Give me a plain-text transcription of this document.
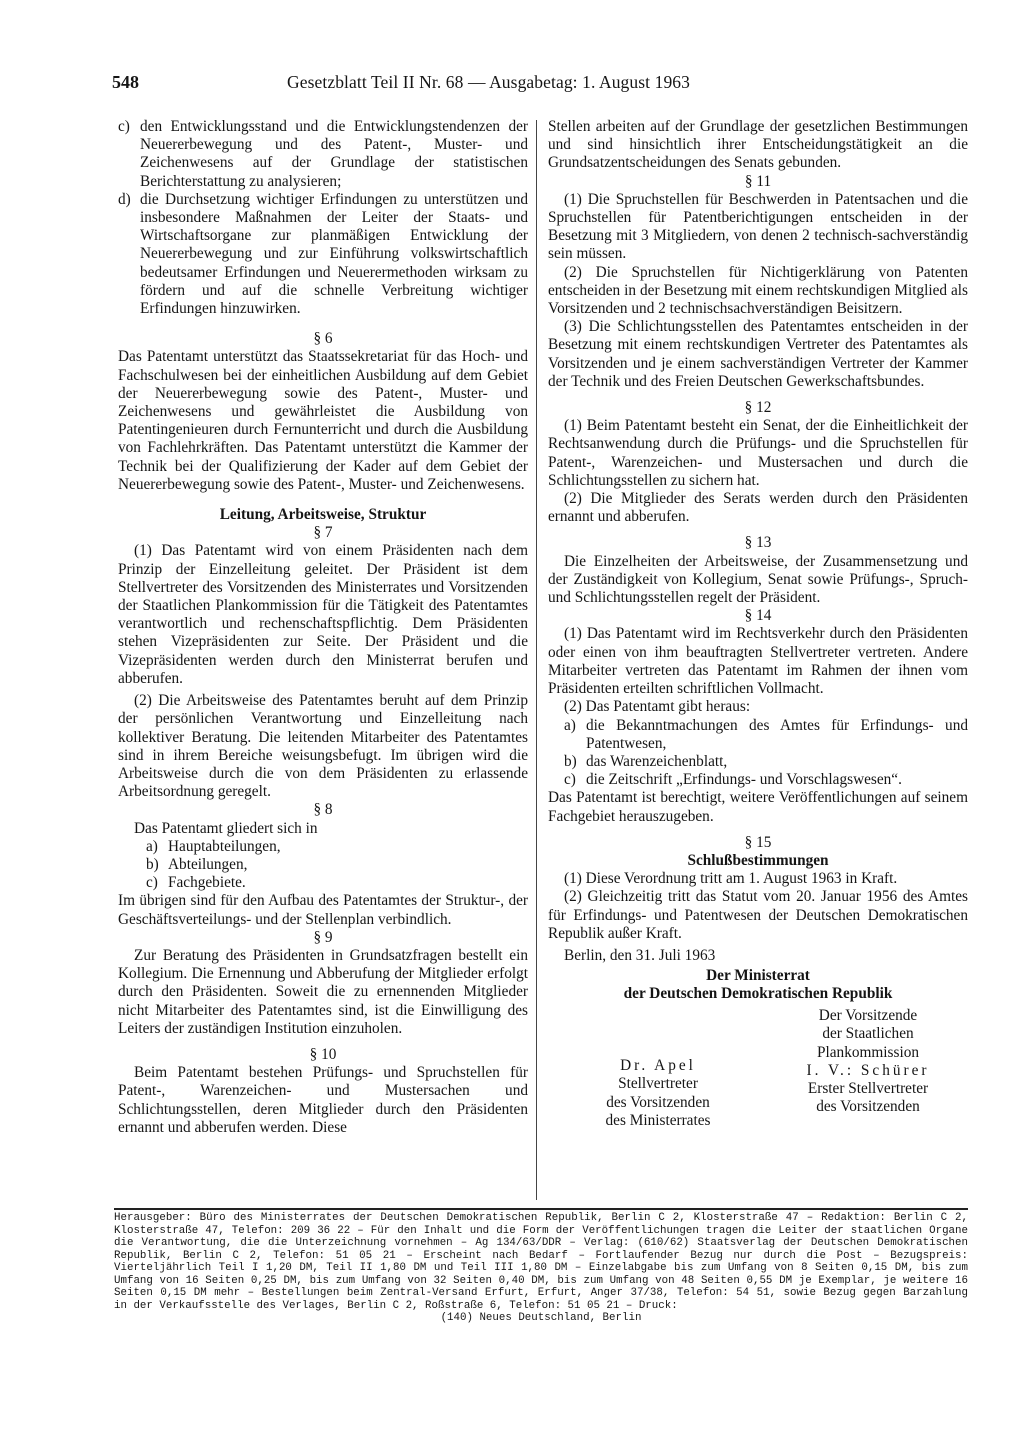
548	Gesetzblatt Teil II Nr. 68 — Ausgabetag: 1. August 1963
c) den Entwicklungsstand und die Entwicklungstendenzen der Neuererbewegung und des Patent-, Muster- und Zeichenwesens auf der Grundlage der statistischen Berichterstattung zu analysieren;
d) die Durchsetzung wichtiger Erfindungen zu unterstützen und insbesondere Maßnahmen der Leiter der Staats- und Wirtschaftsorgane zur planmäßigen Entwicklung der Neuererbewegung und zur Einführung volkswirtschaftlich bedeutsamer Erfindungen und Neuerermethoden wirksam zu fördern und auf die schnelle Verbreitung wichtiger Erfindungen hinzuwirken.

§ 6

Das Patentamt unterstützt das Staatssekretariat für das Hoch- und Fachschulwesen bei der einheitlichen Ausbildung auf dem Gebiet der Neuererbewegung sowie des Patent-, Muster- und Zeichenwesens und gewährleistet die Ausbildung von Patentingenieuren durch Fernunterricht und durch die Ausbildung von Fachlehrkräften. Das Patentamt unterstützt die Kammer der Technik bei der Qualifizierung der Kader auf dem Gebiet der Neuererbewegung sowie des Patent-, Muster- und Zeichenwesens.

Leitung, Arbeitsweise, Struktur

§ 7

(1) Das Patentamt wird von einem Präsidenten nach dem Prinzip der Einzelleitung geleitet. Der Präsident ist dem Stellvertreter des Vorsitzenden des Ministerrates und Vorsitzenden der Staatlichen Plankommission für die Tätigkeit des Patentamtes verantwortlich und rechenschaftspflichtig. Dem Präsidenten stehen Vizepräsidenten zur Seite. Der Präsident und die Vizepräsidenten werden durch den Ministerrat berufen und abberufen.

(2) Die Arbeitsweise des Patentamtes beruht auf dem Prinzip der persönlichen Verantwortung und Einzelleitung nach kollektiver Beratung. Die leitenden Mitarbeiter des Patentamtes sind in ihrem Bereiche weisungsbefugt. Im übrigen wird die Arbeitsweise durch die von dem Präsidenten zu erlassende Arbeitsordnung geregelt.

§ 8

Das Patentamt gliedert sich in

a) Hauptabteilungen,
b) Abteilungen,
c) Fachgebiete.

Im übrigen sind für den Aufbau des Patentamtes der Struktur-, der Geschäftsverteilungs- und der Stellenplan verbindlich.

§ 9

Zur Beratung des Präsidenten in Grundsatzfragen bestellt ein Kollegium. Die Ernennung und Abberufung der Mitglieder erfolgt durch den Präsidenten. Soweit die zu ernennenden Mitglieder nicht Mitarbeiter des Patentamtes sind, ist die Einwilligung des Leiters der zuständigen Institution einzuholen.

§ 10

Beim Patentamt bestehen Prüfungs- und Spruchstellen für Patent-, Warenzeichen- und Mustersachen und Schlichtungsstellen, deren Mitglieder durch den Präsidenten ernannt und abberufen werden. Diese

Stellen arbeiten auf der Grundlage der gesetzlichen Bestimmungen und sind hinsichtlich ihrer Entscheidungstätigkeit an die Grundsatzentscheidungen des Senats gebunden.

§ 11

(1) Die Spruchstellen für Beschwerden in Patentsachen und die Spruchstellen für Patentberichtigungen entscheiden in der Besetzung mit 3 Mitgliedern, von denen 2 technisch-sachverständig sein müssen.

(2) Die Spruchstellen für Nichtigerklärung von Patenten entscheiden in der Besetzung mit einem rechtskundigen Mitglied als Vorsitzenden und 2 technischsachverständigen Beisitzern.

(3) Die Schlichtungsstellen des Patentamtes entscheiden in der Besetzung mit einem rechtskundigen Vertreter des Patentamtes als Vorsitzenden und je einem sachverständigen Vertreter der Kammer der Technik und des Freien Deutschen Gewerkschaftsbundes.

§ 12

(1) Beim Patentamt besteht ein Senat, der die Einheitlichkeit der Rechtsanwendung durch die Prüfungs- und die Spruchstellen für Patent-, Warenzeichen- und Mustersachen und durch die Schlichtungsstellen zu sichern hat.

(2) Die Mitglieder des Serats werden durch den Präsidenten ernannt und abberufen.

§ 13

Die Einzelheiten der Arbeitsweise, der Zusammensetzung und der Zuständigkeit von Kollegium, Senat sowie Prüfungs-, Spruch- und Schlichtungsstellen regelt der Präsident.

§ 14

(1) Das Patentamt wird im Rechtsverkehr durch den Präsidenten oder einen von ihm beauftragten Stellvertreter vertreten. Andere Mitarbeiter vertreten das Patentamt im Rahmen der ihnen vom Präsidenten erteilten schriftlichen Vollmacht.

(2) Das Patentamt gibt heraus:

a) die Bekanntmachungen des Amtes für Erfindungs- und Patentwesen,
b) das Warenzeichenblatt,
c) die Zeitschrift „Erfindungs- und Vorschlagswesen“.

Das Patentamt ist berechtigt, weitere Veröffentlichungen auf seinem Fachgebiet herauszugeben.

§ 15

Schlußbestimmungen

(1) Diese Verordnung tritt am 1. August 1963 in Kraft.

(2) Gleichzeitig tritt das Statut vom 20. Januar 1956 des Amtes für Erfindungs- und Patentwesen der Deutschen Demokratischen Republik außer Kraft.

Berlin, den 31. Juli 1963

Der Ministerrat
der Deutschen Demokratischen Republik
Der Vorsitzende
der Staatlichen
Plankommission
I. V.: Schürer
Erster Stellvertreter
des Vorsitzenden
Dr. Apel
Stellvertreter
des Vorsitzenden
des Ministerrates

Herausgeber: Büro des Ministerrates der Deutschen Demokratischen Republik, Berlin C 2, Klosterstraße 47 – Redaktion: Berlin C 2, Klosterstraße 47, Telefon: 209 36 22 – Für den Inhalt und die Form der Veröffentlichungen tragen die Leiter der staatlichen Organe die Verantwortung, die die Unterzeichnung vornehmen – Ag 134/63/DDR – Verlag: (610/62) Staatsverlag der Deutschen Demokratischen Republik, Berlin C 2, Telefon: 51 05 21 – Erscheint nach Bedarf – Fortlaufender Bezug nur durch die Post – Bezugspreis: Vierteljährlich Teil I 1,20 DM, Teil II 1,80 DM und Teil III 1,80 DM – Einzelabgabe bis zum Umfang von 8 Seiten 0,15 DM, bis zum Umfang von 16 Seiten 0,25 DM, bis zum Umfang von 32 Seiten 0,40 DM, bis zum Umfang von 48 Seiten 0,55 DM je Exemplar, je weitere 16 Seiten 0,15 DM mehr – Bestellungen beim Zentral-Versand Erfurt, Erfurt, Anger 37/38, Telefon: 54 51, sowie Bezug gegen Barzahlung in der Verkaufsstelle des Verlages, Berlin C 2, Roßstraße 6, Telefon: 51 05 21 – Druck:

(140) Neues Deutschland, Berlin
